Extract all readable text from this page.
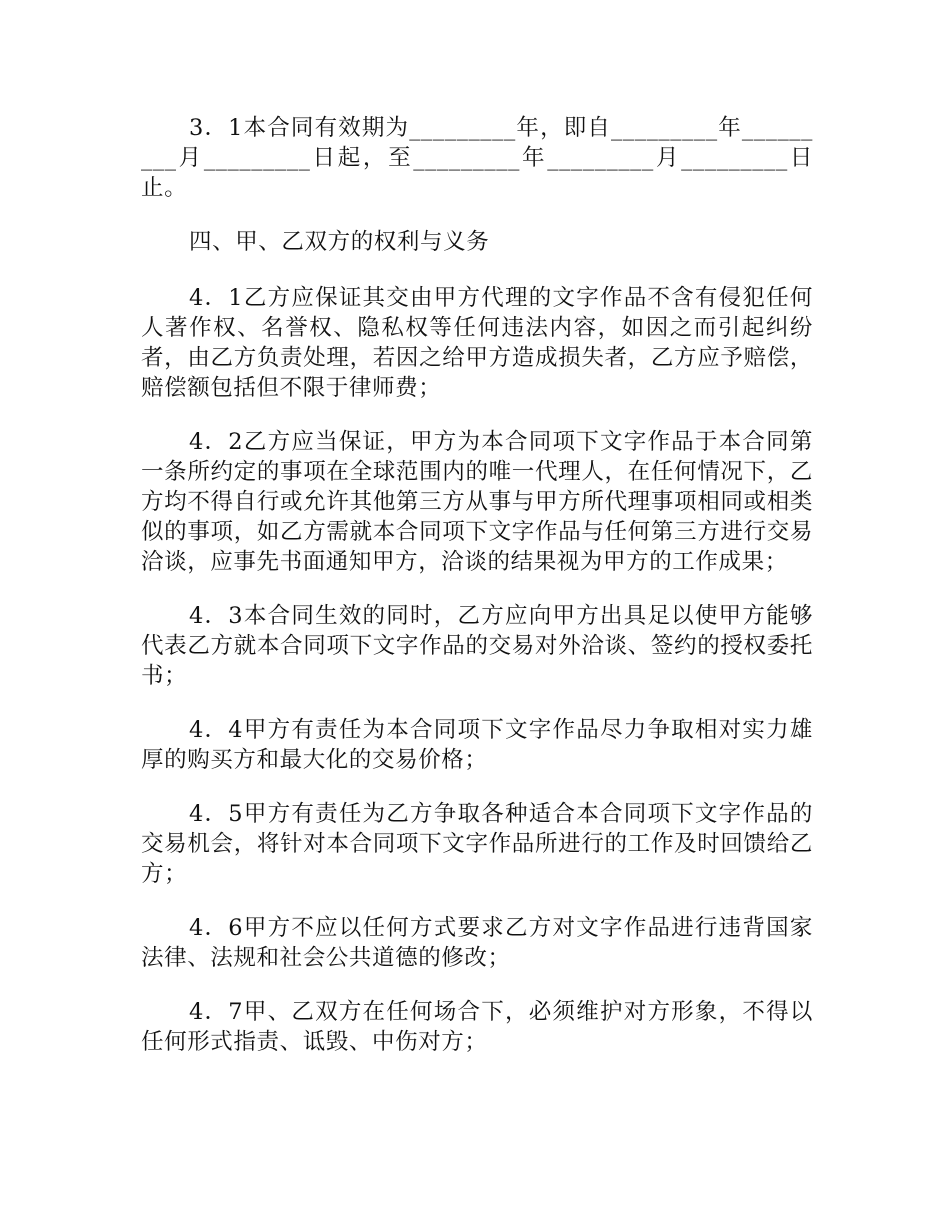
3．1本合同有效期为_________年，即自_________年_________月_________日起，至_________年_________月_________日止。

四、甲、乙双方的权利与义务

4．1乙方应保证其交由甲方代理的文字作品不含有侵犯任何人著作权、名誉权、隐私权等任何违法内容，如因之而引起纠纷者，由乙方负责处理，若因之给甲方造成损失者，乙方应予赔偿，赔偿额包括但不限于律师费；

4．2乙方应当保证，甲方为本合同项下文字作品于本合同第一条所约定的事项在全球范围内的唯一代理人，在任何情况下，乙方均不得自行或允许其他第三方从事与甲方所代理事项相同或相类似的事项，如乙方需就本合同项下文字作品与任何第三方进行交易洽谈，应事先书面通知甲方，洽谈的结果视为甲方的工作成果；

4．3本合同生效的同时，乙方应向甲方出具足以使甲方能够代表乙方就本合同项下文字作品的交易对外洽谈、签约的授权委托书；

4．4甲方有责任为本合同项下文字作品尽力争取相对实力雄厚的购买方和最大化的交易价格；

4．5甲方有责任为乙方争取各种适合本合同项下文字作品的交易机会，将针对本合同项下文字作品所进行的工作及时回馈给乙方；

4．6甲方不应以任何方式要求乙方对文字作品进行违背国家法律、法规和社会公共道德的修改；

4．7甲、乙双方在任何场合下，必须维护对方形象，不得以任何形式指责、诋毁、中伤对方；
